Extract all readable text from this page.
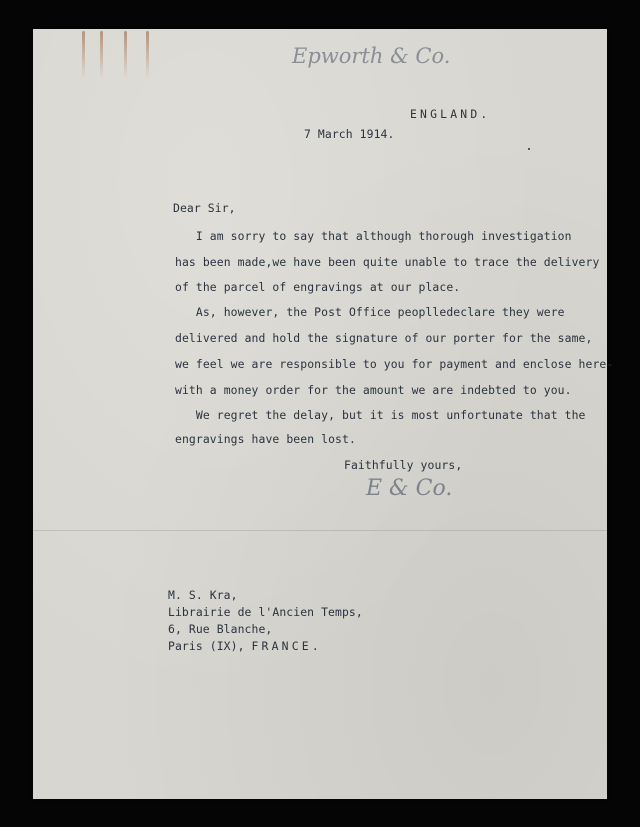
Epworth & Co.
ENGLAND.
7 March 1914.
Dear Sir,
I am sorry to say that although thorough investigation
has been made,we have been quite unable to trace the delivery
of the parcel of engravings at our place.
As, however, the Post Office peoplledeclare they were
delivered and hold the signature of our porter for the same,
we feel we are responsible to you for payment and enclose here-
with a money order for the amount we are indebted to you.
We regret the delay, but it is most unfortunate that the
engravings have been lost.
Faithfully yours,
E & Co.
M. S. Kra,
Librairie de l'Ancien Temps,
6, Rue Blanche,
Paris (IX), FRANCE.
